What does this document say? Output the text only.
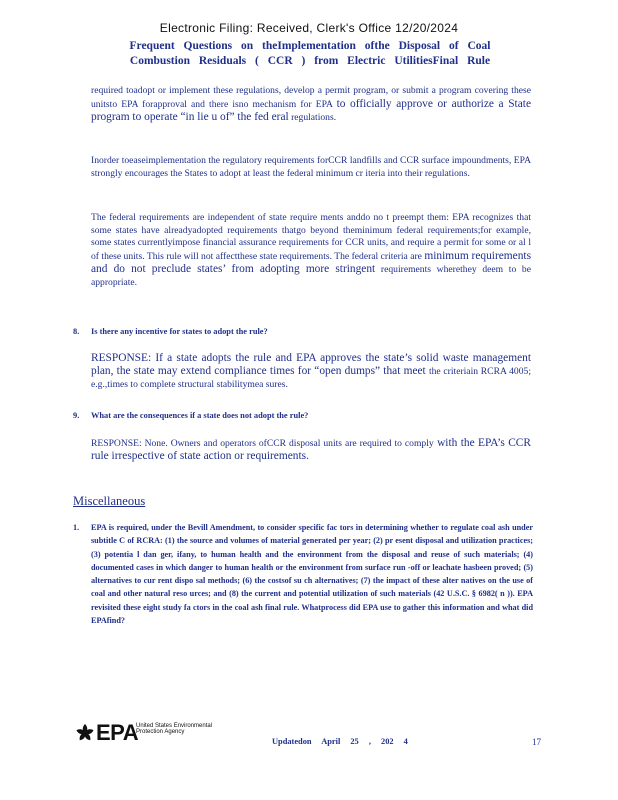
Electronic Filing: Received, Clerk's Office 12/20/2024
Frequent Questions on theImplementation ofthe Disposal of Coal
Combustion Residuals ( CCR ) from Electric UtilitiesFinal Rule

required toadopt or implement these regulations, develop a permit program, or submit a program covering these unitsto EPA forapproval and there isno mechanism for EPA to officially approve or authorize a State program to operate “in lie u of” the fed eral regulations.

Inorder toeaseimplementation the regulatory requirements forCCR landfills and CCR surface impoundments, EPA strongly encourages the States to adopt at least the federal minimum cr iteria into their regulations.

The federal requirements are independent of state require ments anddo no t preempt them: EPA recognizes that some states have alreadyadopted requirements thatgo beyond theminimum federal requirements;for example, some states currentlyimpose financial assurance requirements for CCR units, and require a permit for some or al l of these units. This rule will not affectthese state requirements. The federal criteria are minimum requirements and do not preclude states’ from adopting more stringent requirements wherethey deem to be appropriate.

8. Is there any incentive for states to adopt the rule?

RESPONSE: If a state adopts the rule and EPA approves the state’s solid waste management plan, the state may extend compliance times for “open dumps” that meet the criteriain RCRA 4005; e.g.,times to complete structural stabilitymea sures.

9. What are the consequences if a state does not adopt the rule?

RESPONSE: None. Owners and operators ofCCR disposal units are required to comply with the EPA’s CCR rule irrespective of state action or requirements.

Miscellaneous
1. EPA is required, under the Bevill Amendment, to consider specific fac tors in determining whether to regulate coal ash under subtitle C of RCRA: (1) the source and volumes of material generated per year; (2) pr esent disposal and utilization practices; (3) potentia l dan ger, ifany, to human health and the environment from the disposal and reuse of such materials; (4) documented cases in which danger to human health or the environment from surface run -off or leachate hasbeen proved; (5) alternatives to cur rent dispo sal methods; (6) the costsof su ch alternatives; (7) the impact of these alter natives on the use of coal and other natural reso urces; and (8) the current and potential utilization of such materials (42 U.S.C. § 6982( n )). EPA revisited these eight study fa ctors in the coal ash final rule. Whatprocess did EPA use to gather this information and what did EPAfind?
EPA
United States Environmental Protection Agency
Updatedon April 25 , 202 4	17
